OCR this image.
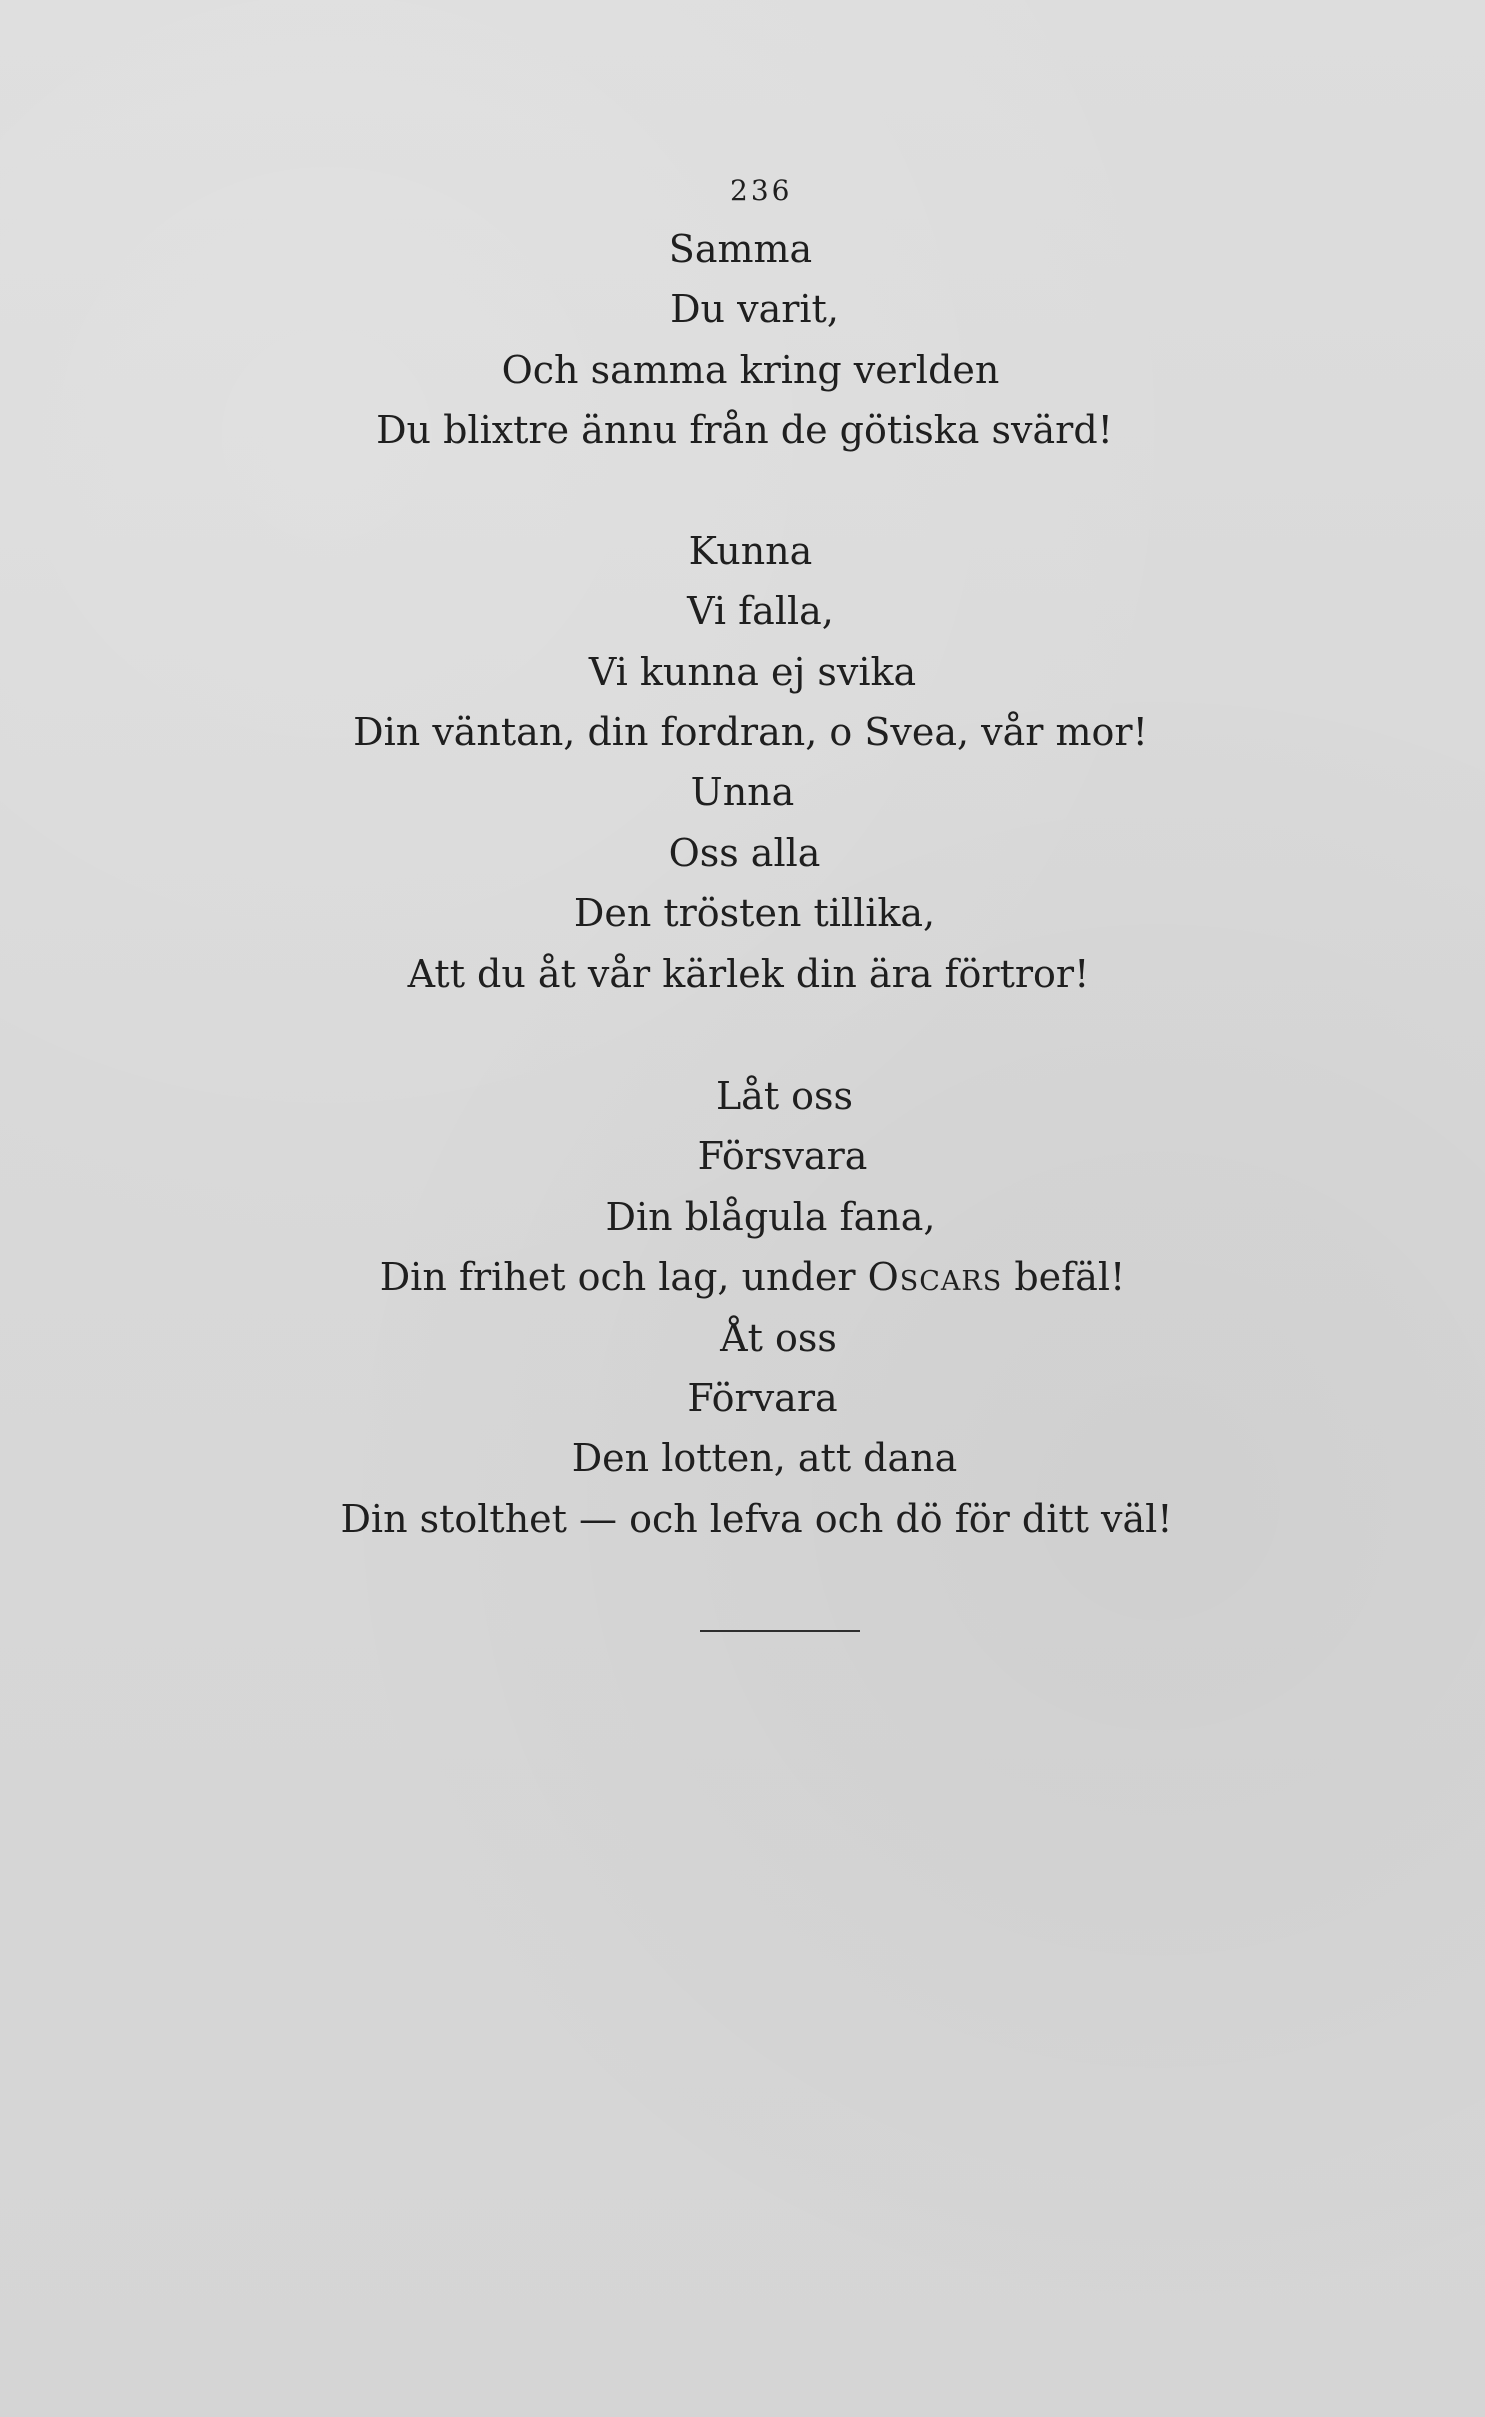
236
Samma
Du varit,
Och samma kring verlden
Du blixtre ännu från de götiska svärd!
Kunna
Vi falla,
Vi kunna ej svika
Din väntan, din fordran, o Svea, vår mor!
Unna
Oss alla
Den trösten tillika,
Att du åt vår kärlek din ära förtror!
Låt oss
Försvara
Din blågula fana,
Din frihet och lag, under Oscars befäl!
Åt oss
Förvara
Den lotten, att dana
Din stolthet — och lefva och dö för ditt väl!
